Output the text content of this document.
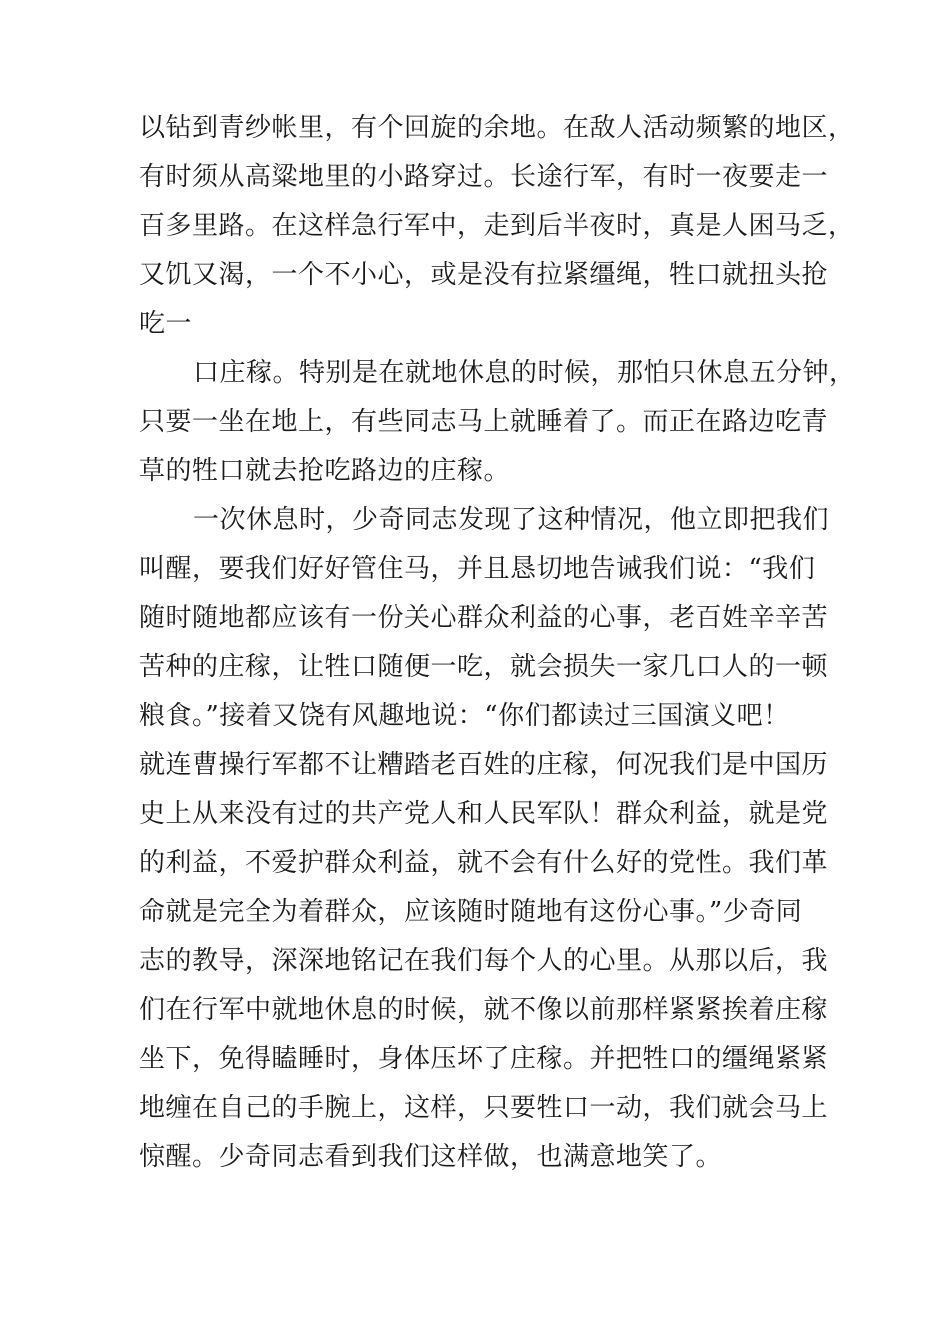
以钻到青纱帐里，有个回旋的余地。在敌人活动频繁的地区，
有时须从高粱地里的小路穿过。长途行军，有时一夜要走一
百多里路。在这样急行军中，走到后半夜时，真是人困马乏，
又饥又渴，一个不小心，或是没有拉紧缰绳，牲口就扭头抢
吃一
口庄稼。特别是在就地休息的时候，那怕只休息五分钟，
只要一坐在地上，有些同志马上就睡着了。而正在路边吃青
草的牲口就去抢吃路边的庄稼。
一次休息时，少奇同志发现了这种情况，他立即把我们
叫醒，要我们好好管住马，并且恳切地告诫我们说：“我们
随时随地都应该有一份关心群众利益的心事，老百姓辛辛苦
苦种的庄稼，让牲口随便一吃，就会损失一家几口人的一顿
粮食。”接着又饶有风趣地说：“你们都读过三国演义吧！
就连曹操行军都不让糟踏老百姓的庄稼，何况我们是中国历
史上从来没有过的共产党人和人民军队！群众利益，就是党
的利益，不爱护群众利益，就不会有什么好的党性。我们革
命就是完全为着群众，应该随时随地有这份心事。”少奇同
志的教导，深深地铭记在我们每个人的心里。从那以后，我
们在行军中就地休息的时候，就不像以前那样紧紧挨着庄稼
坐下，免得瞌睡时，身体压坏了庄稼。并把牲口的缰绳紧紧
地缠在自己的手腕上，这样，只要牲口一动，我们就会马上
惊醒。少奇同志看到我们这样做，也满意地笑了。
